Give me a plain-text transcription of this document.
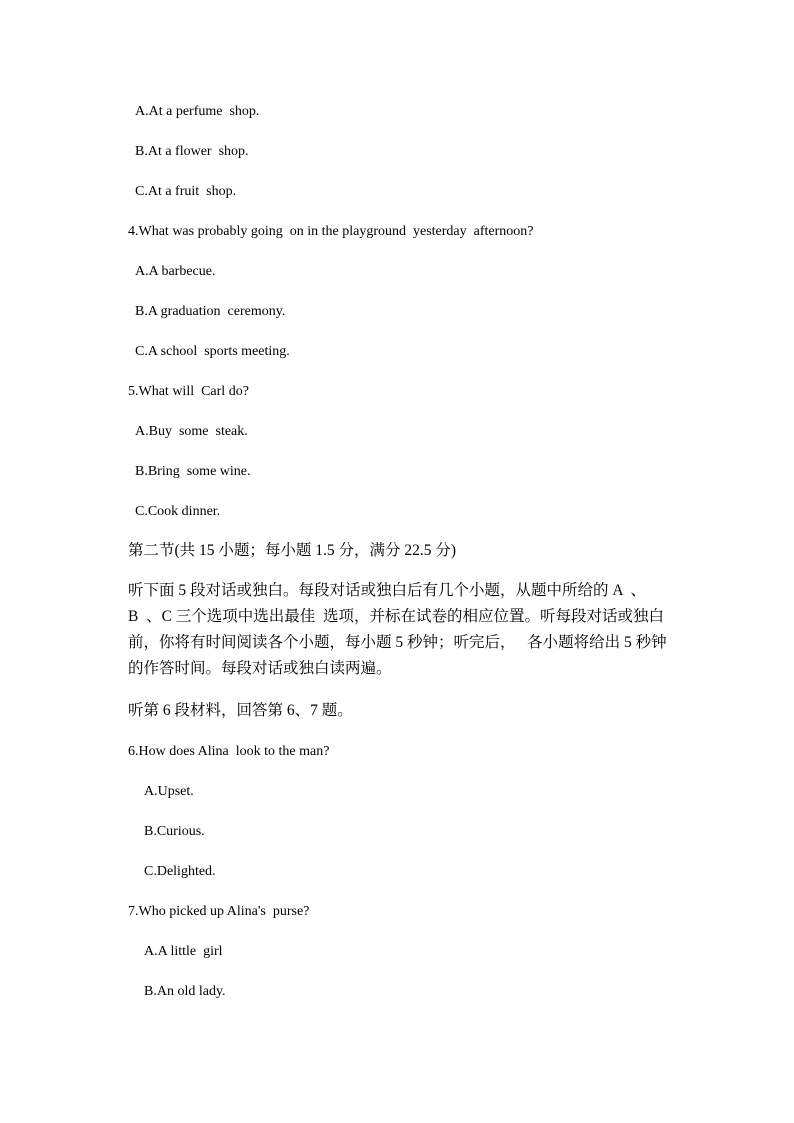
A.At a perfume  shop.
B.At a flower  shop.
C.At a fruit  shop.
4.What was probably going  on in the playground  yesterday  afternoon?
A.A barbecue.
B.A graduation  ceremony.
C.A school  sports meeting.
5.What will  Carl do?
A.Buy  some  steak.
B.Bring  some wine.
C.Cook dinner.
第二节(共 15 小题；每小题 1.5 分，满分 22.5 分)
听下面 5 段对话或独白。每段对话或独白后有几个小题，从题中所给的 A  、
B  、C 三个选项中选出最佳  选项，并标在试卷的相应位置。听每段对话或独白
前，你将有时间阅读各个小题，每小题 5 秒钟；听完后，   各小题将给出 5 秒钟
的作答时间。每段对话或独白读两遍。
听第 6 段材料，回答第 6、7 题。
6.How does Alina  look to the man?
A.Upset.
B.Curious.
C.Delighted.
7.Who picked up Alina's  purse?
A.A little  girl
B.An old lady.
